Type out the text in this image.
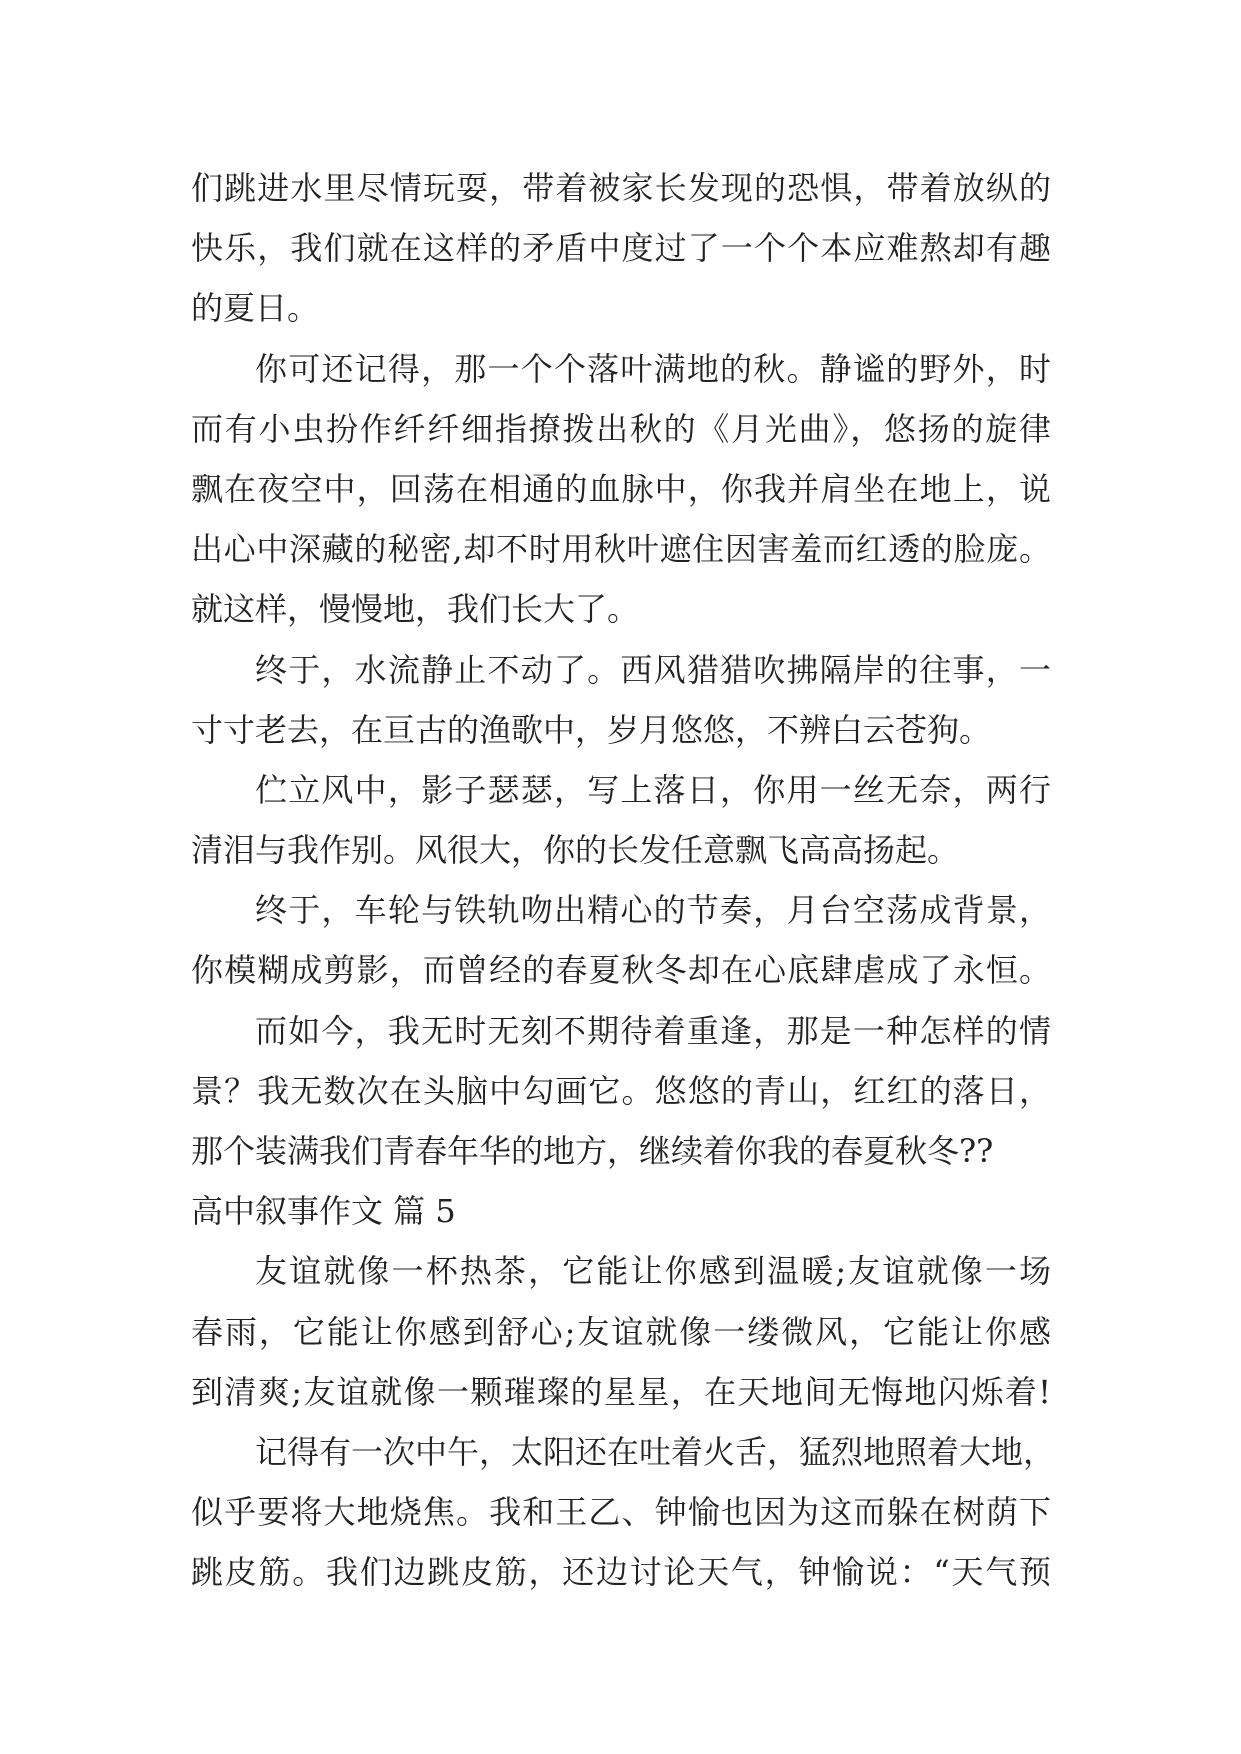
们跳进水里尽情玩耍，带着被家长发现的恐惧，带着放纵的
快乐，我们就在这样的矛盾中度过了一个个本应难熬却有趣
的夏日。
你可还记得，那一个个落叶满地的秋。静谧的野外，时
而有小虫扮作纤纤细指撩拨出秋的《月光曲》，悠扬的旋律
飘在夜空中，回荡在相通的血脉中，你我并肩坐在地上，说
出心中深藏的秘密,却不时用秋叶遮住因害羞而红透的脸庞。
就这样，慢慢地，我们长大了。
终于，水流静止不动了。西风猎猎吹拂隔岸的往事，一
寸寸老去，在亘古的渔歌中，岁月悠悠，不辨白云苍狗。
伫立风中，影子瑟瑟，写上落日，你用一丝无奈，两行
清泪与我作别。风很大，你的长发任意飘飞高高扬起。
终于，车轮与铁轨吻出精心的节奏，月台空荡成背景，
你模糊成剪影，而曾经的春夏秋冬却在心底肆虐成了永恒。
而如今，我无时无刻不期待着重逢，那是一种怎样的情
景？我无数次在头脑中勾画它。悠悠的青山，红红的落日，
那个装满我们青春年华的地方，继续着你我的春夏秋冬??
高中叙事作文 篇 5
友谊就像一杯热茶，它能让你感到温暖;友谊就像一场
春雨，它能让你感到舒心;友谊就像一缕微风，它能让你感
到清爽;友谊就像一颗璀璨的星星，在天地间无悔地闪烁着!
记得有一次中午，太阳还在吐着火舌，猛烈地照着大地，
似乎要将大地烧焦。我和王乙、钟愉也因为这而躲在树荫下
跳皮筋。我们边跳皮筋，还边讨论天气，钟愉说：“天气预
